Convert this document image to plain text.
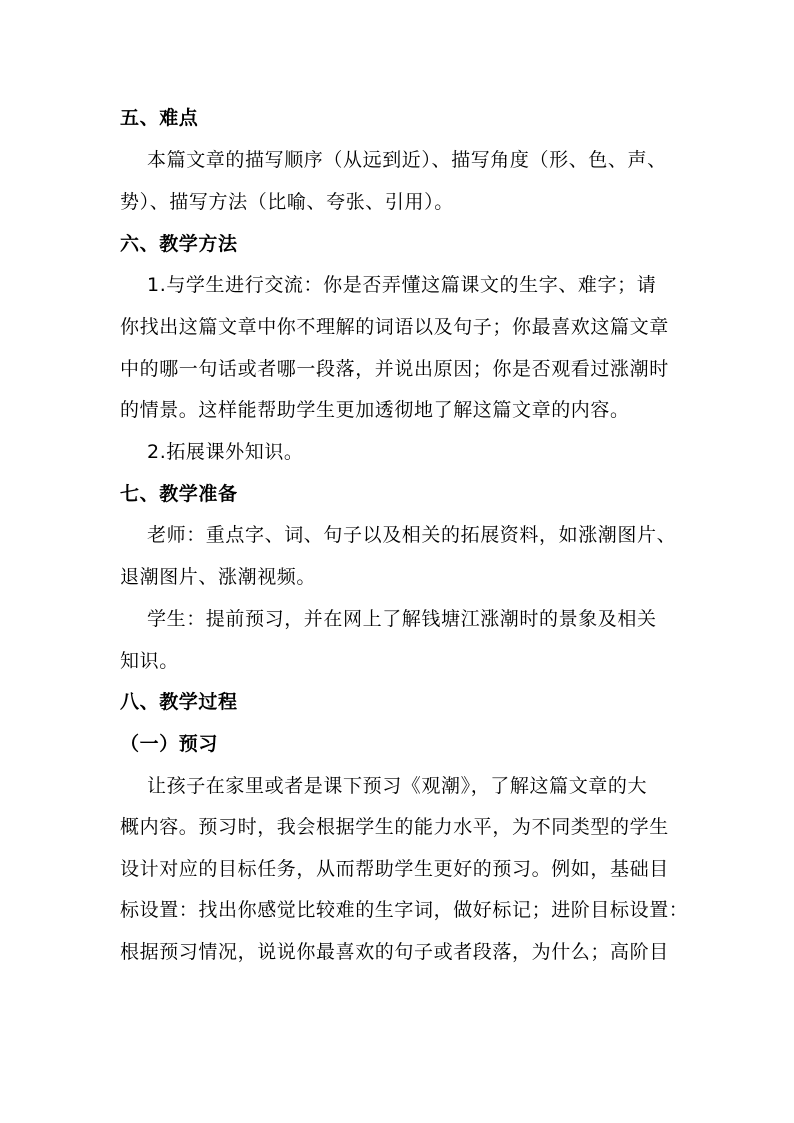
五、难点
本篇文章的描写顺序（从远到近）、描写角度（形、色、声、
势）、描写方法（比喻、夸张、引用）。
六、教学方法
1.与学生进行交流：你是否弄懂这篇课文的生字、难字；请
你找出这篇文章中你不理解的词语以及句子；你最喜欢这篇文章
中的哪一句话或者哪一段落，并说出原因；你是否观看过涨潮时
的情景。这样能帮助学生更加透彻地了解这篇文章的内容。
2.拓展课外知识。
七、教学准备
老师：重点字、词、句子以及相关的拓展资料，如涨潮图片、
退潮图片、涨潮视频。
学生：提前预习，并在网上了解钱塘江涨潮时的景象及相关
知识。
八、教学过程
（一）预习
让孩子在家里或者是课下预习《观潮》，了解这篇文章的大
概内容。预习时，我会根据学生的能力水平，为不同类型的学生
设计对应的目标任务，从而帮助学生更好的预习。例如，基础目
标设置：找出你感觉比较难的生字词，做好标记；进阶目标设置：
根据预习情况，说说你最喜欢的句子或者段落，为什么；高阶目
